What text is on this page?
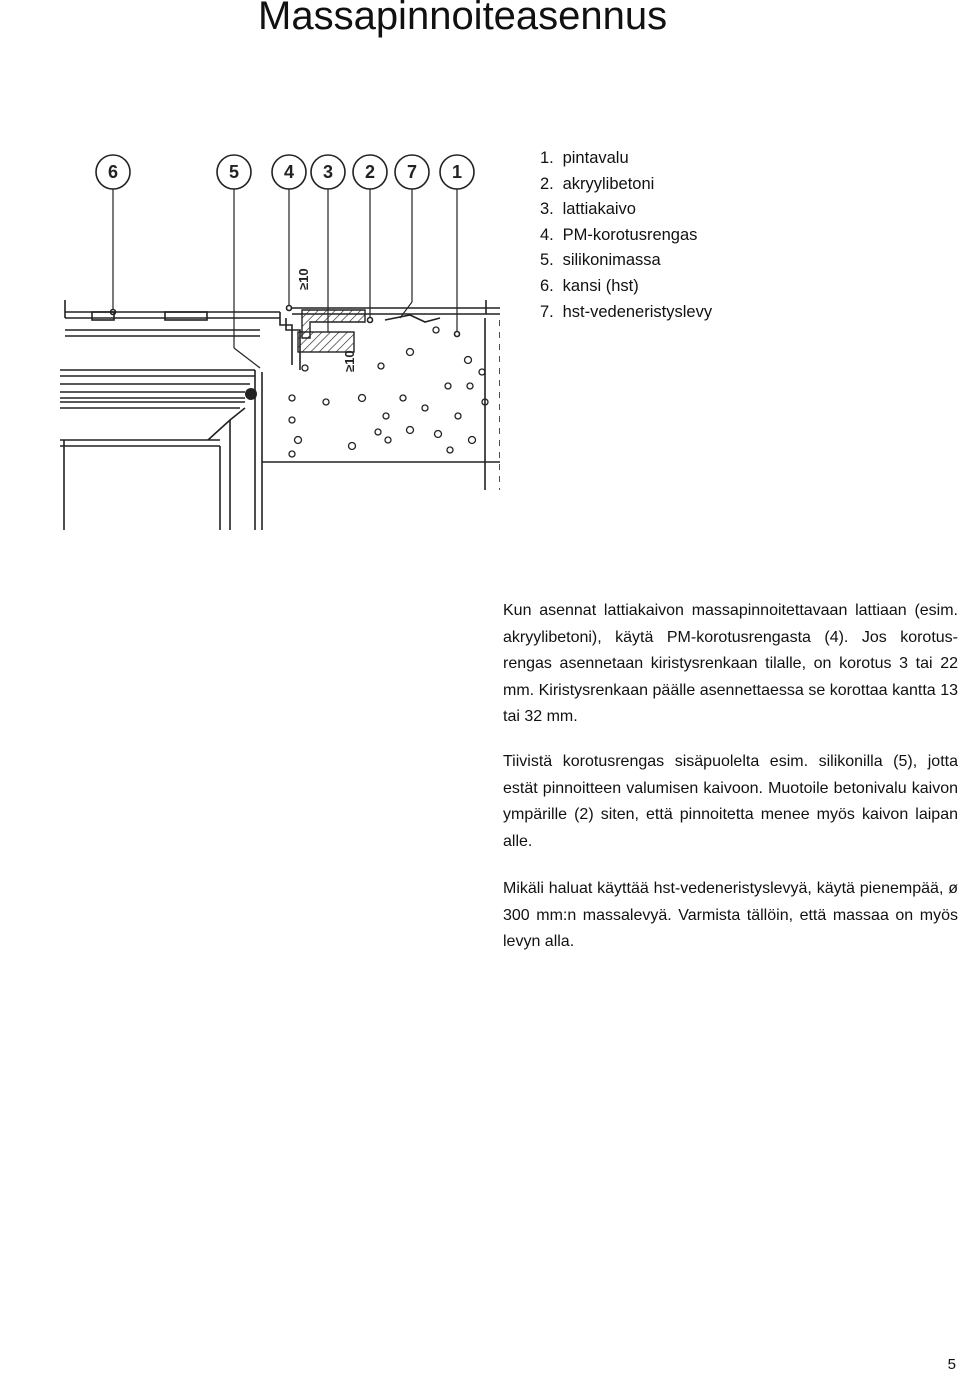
Massapinnoiteasennus
≥10
≥10
6	5 4 3 2 7 1
1. pintavalu
2. akryylibetoni
3. lattiakaivo
4. PM-korotusrengas
5. silikonimassa
6. kansi (hst)
7. hst-vedeneristyslevy

Kun asennat lattiakaivon massapinnoitettavaan lattiaan (esim. akryylibetoni), käytä PM-korotusrengasta (4). Jos korotus-rengas asennetaan kiristysrenkaan tilalle, on korotus 3 tai 22 mm. Kiristysrenkaan päälle asennettaessa se korottaa kantta 13 tai 32 mm.

Tiivistä korotusrengas sisäpuolelta esim. silikonilla (5), jotta estät pinnoitteen valumisen kaivoon. Muotoile betonivalu kaivon ympärille (2) siten, että pinnoitetta menee myös kaivon laipan alle.

Mikäli haluat käyttää hst-vedeneristyslevyä, käytä pienempää, ø 300 mm:n massalevyä. Varmista tällöin, että massaa on myös levyn alla.

5
